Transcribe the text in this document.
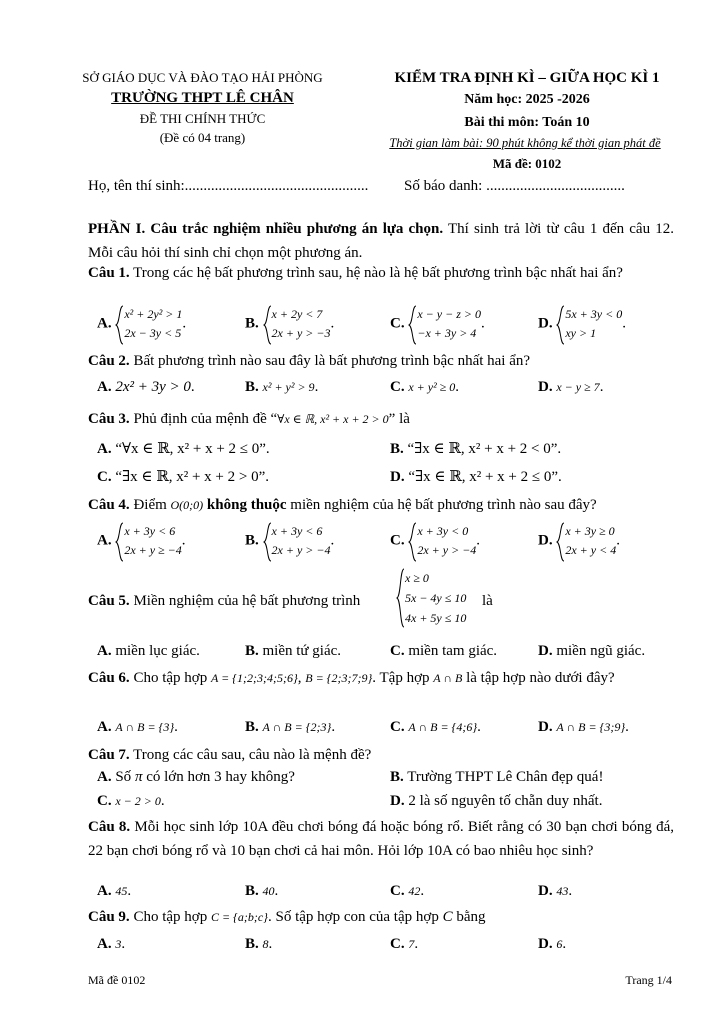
SỞ GIÁO DỤC VÀ ĐÀO TẠO HẢI PHÒNG
TRƯỜNG THPT LÊ CHÂN
ĐỀ THI CHÍNH THỨC
(Đề có 04 trang)
KIỂM TRA ĐỊNH KÌ – GIỮA HỌC KÌ 1
Năm học: 2025 -2026
Bài thi môn: Toán 10
Thời gian làm bài: 90 phút không kể thời gian phát đề
Mã đề: 0102
Họ, tên thí sinh:................................................. Số báo danh: .....................................
PHẦN I. Câu trắc nghiệm nhiều phương án lựa chọn. Thí sinh trả lời từ câu 1 đến câu 12. Mỗi câu hỏi thí sinh chỉ chọn một phương án.
Câu 1. Trong các hệ bất phương trình sau, hệ nào là hệ bất phương trình bậc nhất hai ẩn?
A.
x² + 2y² > 1
2x − 3y < 5
.	B.
x + 2y < 7
2x + y > −3
.	C.
x − y − z > 0
−x + 3y > 4
.	D.
5x + 3y < 0
xy > 1
.
Câu 2. Bất phương trình nào sau đây là bất phương trình bậc nhất hai ẩn?
A. 2x² + 3y > 0.	B. x² + y² > 9.	C. x + y² ≥ 0.	D. x − y ≥ 7.
Câu 3. Phủ định của mệnh đề “∀x ∈ ℝ, x² + x + 2 > 0” là
A. “∀x ∈ ℝ, x² + x + 2 ≤ 0”.	B. “∃x ∈ ℝ, x² + x + 2 < 0”.
C. “∃x ∈ ℝ, x² + x + 2 > 0”.	D. “∃x ∈ ℝ, x² + x + 2 ≤ 0”.
Câu 4. Điểm O(0;0) không thuộc miền nghiệm của hệ bất phương trình nào sau đây?
A.
x + 3y < 6
2x + y ≥ −4
.	B.
x + 3y < 6
2x + y > −4
.	C.
x + 3y < 0
2x + y > −4
.	D.
x + 3y ≥ 0
2x + y < 4
.
Câu 5. Miền nghiệm của hệ bất phương trình
x ≥ 0
5x − 4y ≤ 10
4x + 5y ≤ 10
là
A. miền lục giác.	B. miền tứ giác.	C. miền tam giác.	D. miền ngũ giác.
Câu 6. Cho tập hợp A = {1;2;3;4;5;6}, B = {2;3;7;9}. Tập hợp A ∩ B là tập hợp nào dưới đây?
A. A ∩ B = {3}.	B. A ∩ B = {2;3}.	C. A ∩ B = {4;6}.	D. A ∩ B = {3;9}.
Câu 7. Trong các câu sau, câu nào là mệnh đề?
A. Số π có lớn hơn 3 hay không?	B. Trường THPT Lê Chân đẹp quá!
C. x − 2 > 0.	D. 2 là số nguyên tố chẵn duy nhất.
Câu 8. Mỗi học sinh lớp 10A đều chơi bóng đá hoặc bóng rổ. Biết rằng có 30 bạn chơi bóng đá, 22 bạn chơi bóng rổ và 10 bạn chơi cả hai môn. Hỏi lớp 10A có bao nhiêu học sinh?
A. 45.	B. 40.	C. 42.	D. 43.
Câu 9. Cho tập hợp C = {a;b;c}. Số tập hợp con của tập hợp C bằng
A. 3.	B. 8.	C. 7.	D. 6.
Mã đề 0102	Trang 1/4
